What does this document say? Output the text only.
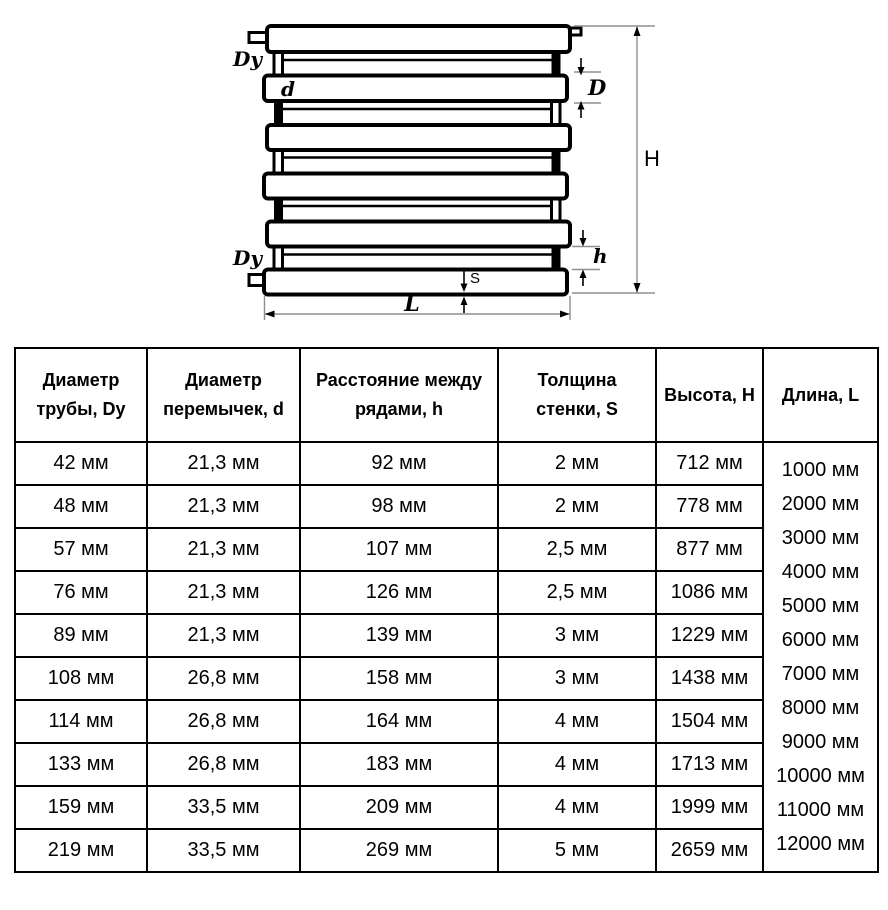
D
h
H
S
L
Dy
d
Dy
Диаметр трубы, Dy	Диаметр перемычек, d	Расстояние между рядами, h	Толщина стенки, S	Высота, H	Длина, L
42 мм	21,3 мм	92 мм	2 мм	712 мм	1000 мм
2000 мм
3000 мм
4000 мм
5000 мм
6000 мм
7000 мм
8000 мм
9000 мм
10000 мм
11000 мм
12000 мм

48 мм	21,3 мм	98 мм	2 мм	778 мм	
57 мм	21,3 мм	107 мм	2,5 мм	877 мм	
76 мм	21,3 мм	126 мм	2,5 мм	1086 мм	
89 мм	21,3 мм	139 мм	3 мм	1229 мм	
108 мм	26,8 мм	158 мм	3 мм	1438 мм	
114 мм	26,8 мм	164 мм	4 мм	1504 мм	
133 мм	26,8 мм	183 мм	4 мм	1713 мм	
159 мм	33,5 мм	209 мм	4 мм	1999 мм	
219 мм	33,5 мм	269 мм	5 мм	2659 мм	
